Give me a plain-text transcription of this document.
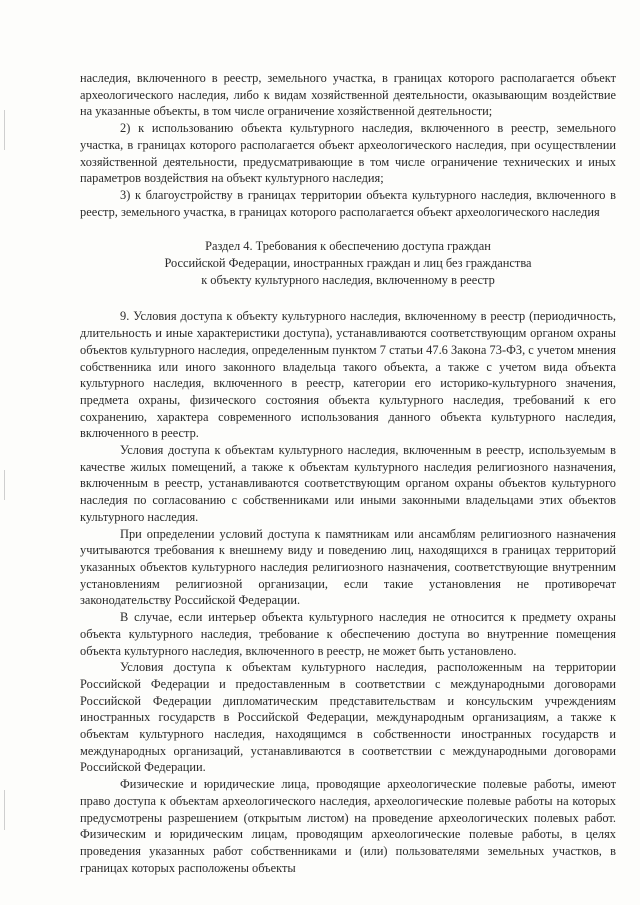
наследия, включенного в реестр, земельного участка, в границах которого располагается объект археологического наследия, либо к видам хозяйственной деятельности, оказывающим воздействие на указанные объекты, в том числе ограничение хозяйственной деятельности;

2) к использованию объекта культурного наследия, включенного в реестр, земельного участка, в границах которого располагается объект археологического наследия, при осуществлении хозяйственной деятельности, предусматривающие в том числе ограничение технических и иных параметров воздействия на объект культурного наследия;

3) к благоустройству в границах территории объекта культурного наследия, включенного в реестр, земельного участка, в границах которого располагается объект археологического наследия

Раздел 4. Требования к обеспечению доступа граждан
Российской Федерации, иностранных граждан и лиц без гражданства
к объекту культурного наследия, включенному в реестр

9. Условия доступа к объекту культурного наследия, включенному в реестр (периодичность, длительность и иные характеристики доступа), устанавливаются соответствующим органом охраны объектов культурного наследия, определенным пунктом 7 статьи 47.6 Закона 73-ФЗ, с учетом мнения собственника или иного законного владельца такого объекта, а также с учетом вида объекта культурного наследия, включенного в реестр, категории его историко-культурного значения, предмета охраны, физического состояния объекта культурного наследия, требований к его сохранению, характера современного использования данного объекта культурного наследия, включенного в реестр.

Условия доступа к объектам культурного наследия, включенным в реестр, используемым в качестве жилых помещений, а также к объектам культурного наследия религиозного назначения, включенным в реестр, устанавливаются соответствующим органом охраны объектов культурного наследия по согласованию с собственниками или иными законными владельцами этих объектов культурного наследия.

При определении условий доступа к памятникам или ансамблям религиозного назначения учитываются требования к внешнему виду и поведению лиц, находящихся в границах территорий указанных объектов культурного наследия религиозного назначения, соответствующие внутренним установлениям религиозной организации, если такие установления не противоречат законодательству Российской Федерации.

В случае, если интерьер объекта культурного наследия не относится к предмету охраны объекта культурного наследия, требование к обеспечению доступа во внутренние помещения объекта культурного наследия, включенного в реестр, не может быть установлено.

Условия доступа к объектам культурного наследия, расположенным на территории Российской Федерации и предоставленным в соответствии с международными договорами Российской Федерации дипломатическим представительствам и консульским учреждениям иностранных государств в Российской Федерации, международным организациям, а также к объектам культурного наследия, находящимся в собственности иностранных государств и международных организаций, устанавливаются в соответствии с международными договорами Российской Федерации.

Физические и юридические лица, проводящие археологические полевые работы, имеют право доступа к объектам археологического наследия, археологические полевые работы на которых предусмотрены разрешением (открытым листом) на проведение археологических полевых работ. Физическим и юридическим лицам, проводящим археологические полевые работы, в целях проведения указанных работ собственниками и (или) пользователями земельных участков, в границах которых расположены объекты
